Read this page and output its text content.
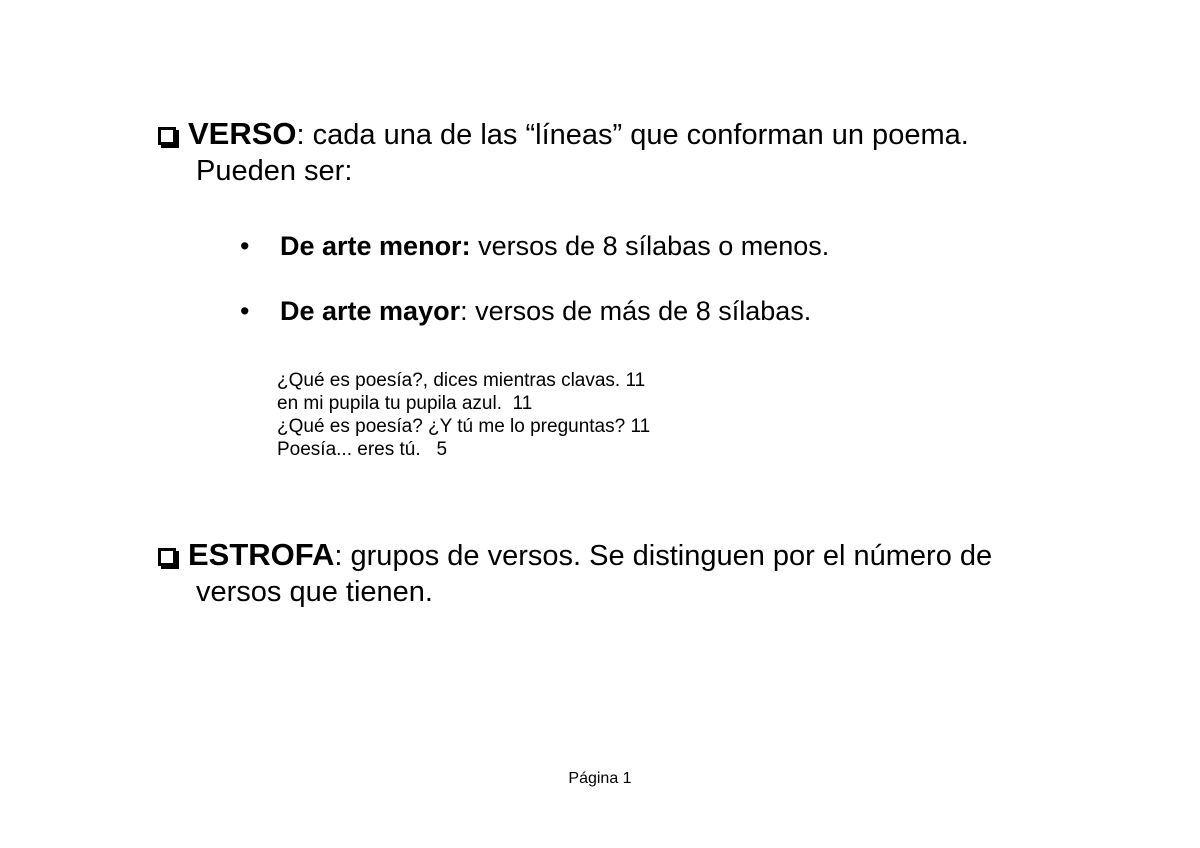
VERSO: cada una de las “líneas” que conforman un poema.
Pueden ser:
• De arte menor: versos de 8 sílabas o menos.
• De arte mayor: versos de más de 8 sílabas.
¿Qué es poesía?, dices mientras clavas. 11
en mi pupila tu pupila azul.  11
¿Qué es poesía? ¿Y tú me lo preguntas? 11
Poesía... eres tú.   5
ESTROFA: grupos de versos. Se distinguen por el número de
versos que tienen.
Página 1
